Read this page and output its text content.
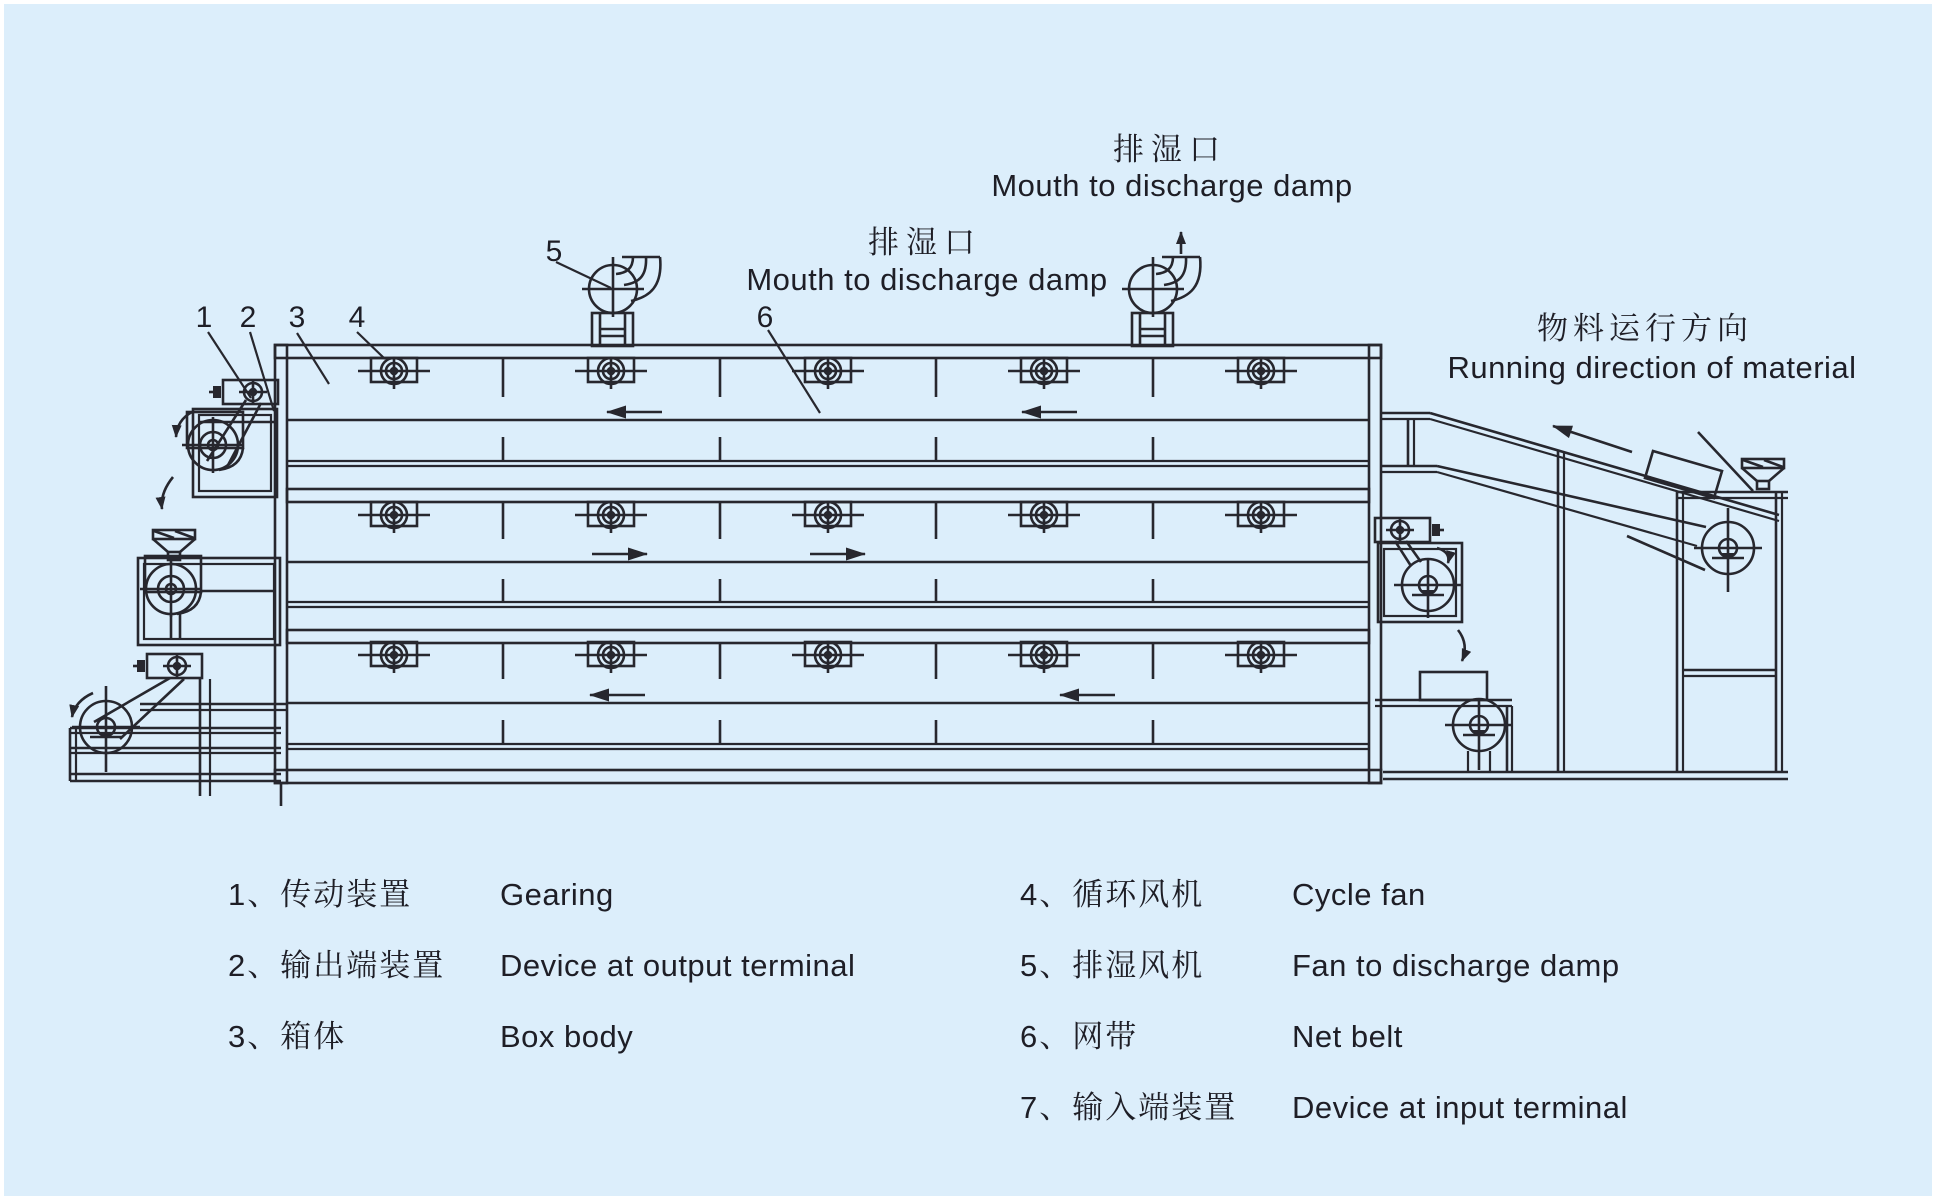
1 2 3 4
5
6
排湿口
Mouth to discharge damp
排湿口
Mouth to discharge damp
物料运行方向
Running direction of material
1、传动装置	Gearing
2、输出端装置 Device at output terminal
3、箱体	Box body
4、循环风机	Cycle fan
5、排湿风机	Fan to discharge damp
6、网带	Net belt
7、输入端装置 Device at input terminal
